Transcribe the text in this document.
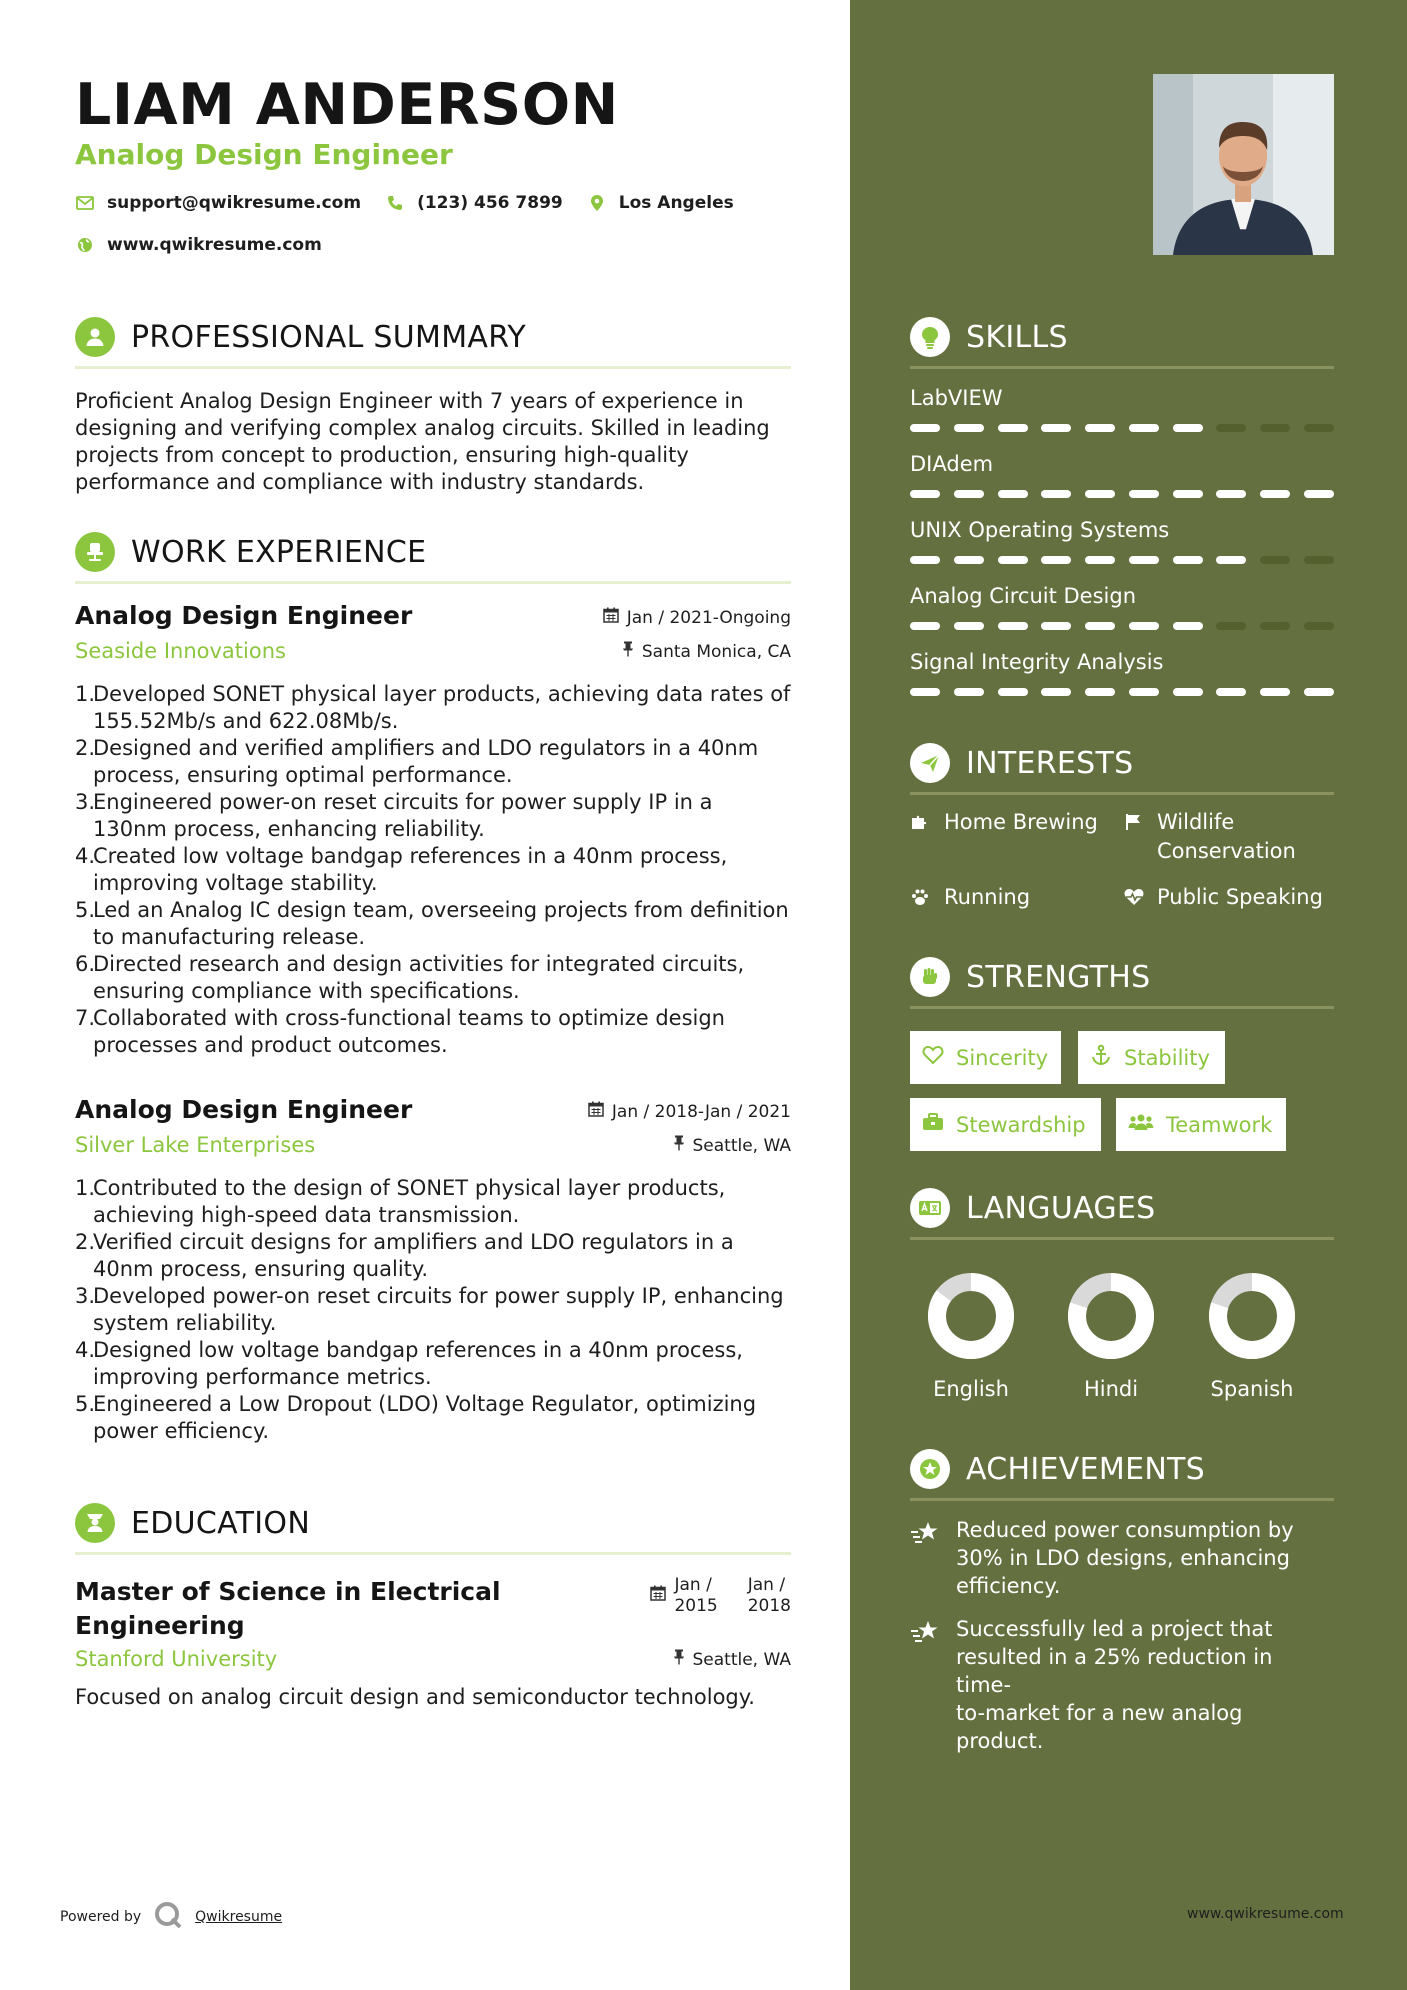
LIAM ANDERSON
Analog Design Engineer
support@qwikresume.com	(123) 456 7899	Los Angeles
www.qwikresume.com
PROFESSIONAL SUMMARY
Proficient Analog Design Engineer with 7 years of experience in designing and verifying complex analog circuits. Skilled in leading projects from concept to production, ensuring high-quality performance and compliance with industry standards.
WORK EXPERIENCE
Analog Design Engineer
Seaside Innovations
Jan / 2021-Ongoing
Santa Monica, CA
1.
Developed SONET physical layer products, achieving data rates of 155.52Mb/s and 622.08Mb/s.
2.
Designed and verified amplifiers and LDO regulators in a 40nm process, ensuring optimal performance.
3.
Engineered power-on reset circuits for power supply IP in a 130nm process, enhancing reliability.
4.
Created low voltage bandgap references in a 40nm process, improving voltage stability.
5.
Led an Analog IC design team, overseeing projects from definition to manufacturing release.
6.
Directed research and design activities for integrated circuits, ensuring compliance with specifications.
7.
Collaborated with cross-functional teams to optimize design processes and product outcomes.
Analog Design Engineer
Silver Lake Enterprises
Jan / 2018-Jan / 2021
Seattle, WA
1.
Contributed to the design of SONET physical layer products, achieving high-speed data transmission.
2.
Verified circuit designs for amplifiers and LDO regulators in a 40nm process, ensuring quality.
3.
Developed power-on reset circuits for power supply IP, enhancing system reliability.
4.
Designed low voltage bandgap references in a 40nm process, improving performance metrics.
5.
Engineered a Low Dropout (LDO) Voltage Regulator, optimizing power efficiency.
EDUCATION
Master of Science in Electrical
Engineering
Jan /
2015
Jan /
2018
Stanford University	Seattle, WA
Focused on analog circuit design and semiconductor technology.
SKILLS
LabVIEW
DIAdem
UNIX Operating Systems
Analog Circuit Design
Signal Integrity Analysis
INTERESTS
Home Brewing	Wildlife
Conservation
Running	Public Speaking
STRENGTHS
Sincerity	Stability
Stewardship	Teamwork
LANGUAGES
English	Hindi	Spanish
ACHIEVEMENTS
Reduced power consumption by
30% in LDO designs, enhancing
efficiency.
Successfully led a project that
resulted in a 25% reduction in time-
to-market for a new analog product.
Powered by	Qwikresume	www.qwikresume.com
